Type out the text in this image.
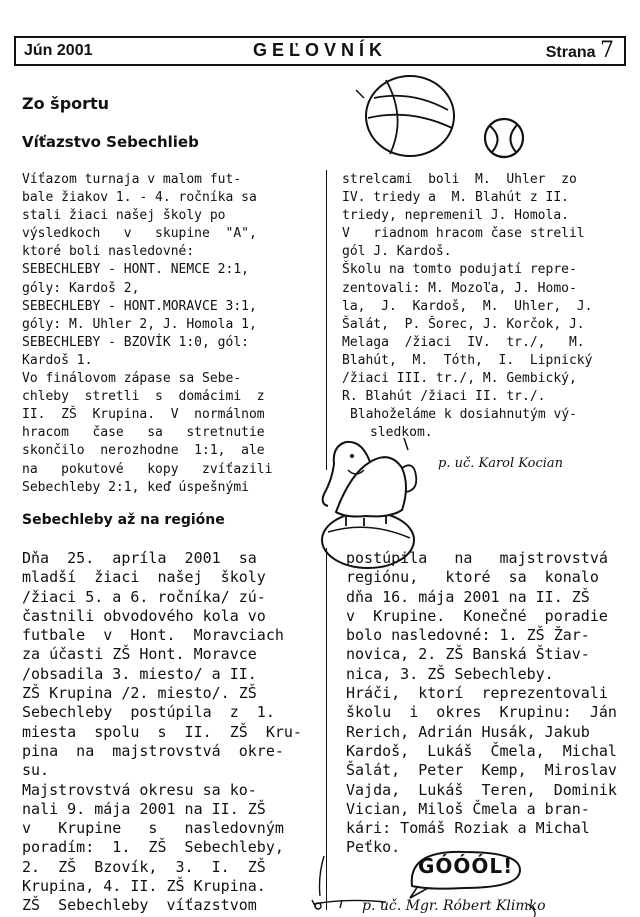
Jún 2001	GEĽOVNÍK	Strana 7
Zo športu
Víťazstvo Sebechlieb
GÓÓÓL!
Víťazom turnaja v malom fut-
bale žiakov 1. - 4. ročníka sa
stali žiaci našej školy po
výsledkoch   v   skupine  "A",
ktoré boli nasledovné:
SEBECHLEBY - HONT. NEMCE 2:1,
góly: Kardoš 2,
SEBECHLEBY - HONT.MORAVCE 3:1,
góly: M. Uhler 2, J. Homola 1,
SEBECHLEBY - BZOVÍK 1:0, gól:
Kardoš 1.
Vo finálovom zápase sa Sebe-
chleby  stretli  s  domácimi  z
II.  ZŠ  Krupina.  V  normálnom
hracom   čase   sa   stretnutie
skončilo  nerozhodne  1:1,  ale
na   pokutové   kopy   zvíťazili
Sebechleby 2:1, keď úspešnými
strelcami  boli  M.  Uhler  zo
IV. triedy a  M. Blahút z II.
triedy, nepremenil J. Homola.
V   riadnom hracom čase strelil
gól J. Kardoš.
Školu na tomto podujatí repre-
zentovali: M. Mozoľa, J. Homo-
la,  J.  Kardoš,  M.  Uhler,  J.
Šalát,  P. Šorec, J. Korčok, J.
Melaga  /žiaci  IV.  tr./,   M.
Blahút,  M.  Tóth,  I.  Lipnický
/žiaci III. tr./, M. Gembický,
R. Blahút /žiaci II. tr./.
Blahoželáme k dosiahnutým vý-
sledkom.
p. uč. Karol Kocian
Sebechleby až na regióne
Dňa  25.  apríla  2001  sa
mladší  žiaci  našej  školy
/žiaci 5. a 6. ročníka/ zú-
častnili obvodového kola vo
futbale  v  Hont.  Moravciach
za účasti ZŠ Hont. Moravce
/obsadila 3. miesto/ a II.
ZŠ Krupina /2. miesto/. ZŠ
Sebechleby  postúpila  z  1.
miesta  spolu  s  II.  ZŠ  Kru-
pina  na  majstrovstvá  okre-
su.
Majstrovstvá okresu sa ko-
nali 9. mája 2001 na II. ZŠ
v   Krupine   s   nasledovným
poradím:  1.  ZŠ  Sebechleby,
2.  ZŠ  Bzovík,  3.  I.  ZŠ
Krupina, 4. II. ZŠ Krupina.
ZŠ  Sebechleby  víťazstvom
postúpila   na   majstrovstvá
regiónu,   ktoré  sa  konalo
dňa 16. mája 2001 na II. ZŠ
v  Krupine.  Konečné  poradie
bolo nasledovné: 1. ZŠ Žar-
novica, 2. ZŠ Banská Štiav-
nica, 3. ZŠ Sebechleby.
Hráči,  ktorí  reprezentovali
školu  i  okres  Krupinu:  Ján
Rerich, Adrián Husák, Jakub
Kardoš,  Lukáš  Čmela,  Michal
Šalát,  Peter  Kemp,  Miroslav
Vajda,  Lukáš  Teren,  Dominik
Vician, Miloš Čmela a bran-
kári: Tomáš Roziak a Michal
Peťko.
p. uč. Mgr. Róbert Klimko
